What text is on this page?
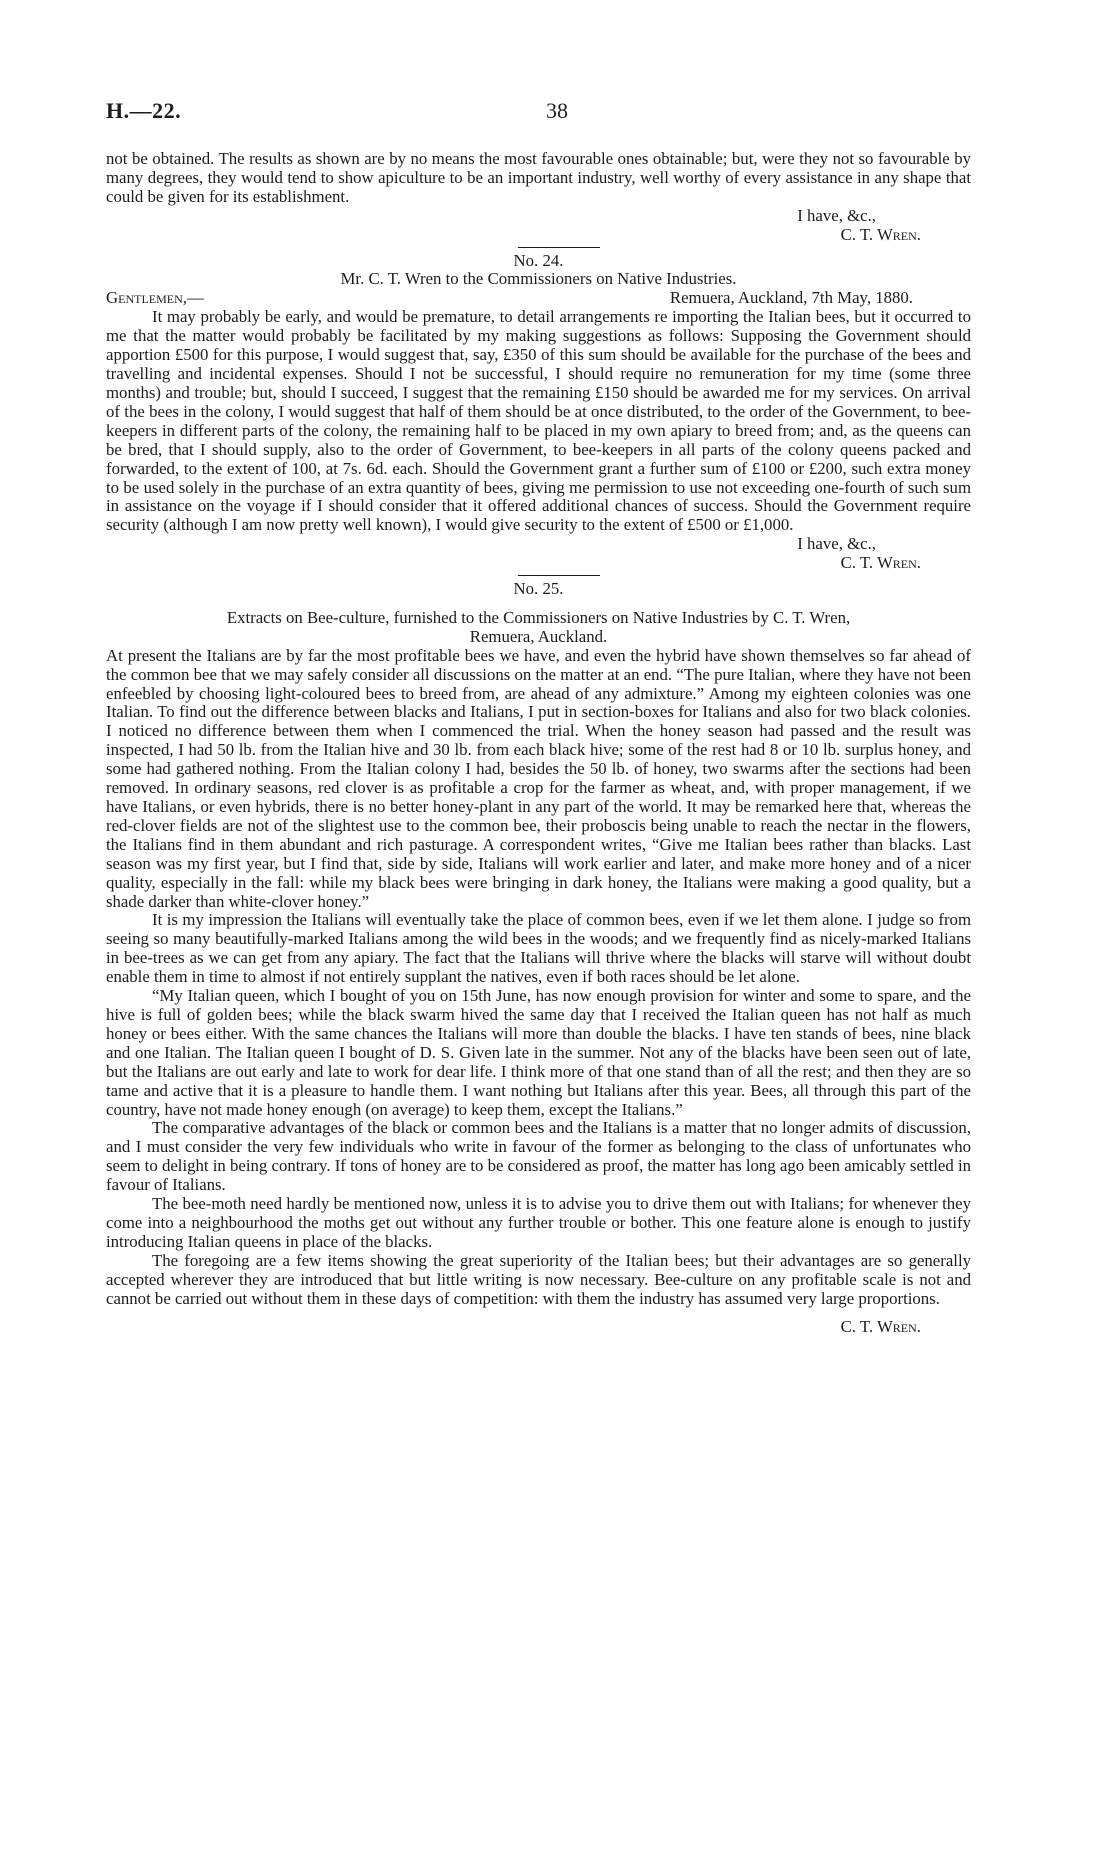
H.—22.	38

not be obtained. The results as shown are by no means the most favourable ones obtainable; but, were they not so favourable by many degrees, they would tend to show apiculture to be an important industry, well worthy of every assistance in any shape that could be given for its establishment.

I have, &c.,

C. T. Wren.

No. 24.

Mr. C. T. Wren to the Commissioners on Native Industries.

Gentlemen,—	Remuera, Auckland, 7th May, 1880.

It may probably be early, and would be premature, to detail arrangements re importing the Italian bees, but it occurred to me that the matter would probably be facilitated by my making suggestions as follows: Supposing the Government should apportion £500 for this purpose, I would suggest that, say, £350 of this sum should be available for the purchase of the bees and travelling and incidental expenses. Should I not be successful, I should require no remuneration for my time (some three months) and trouble; but, should I succeed, I suggest that the remaining £150 should be awarded me for my services. On arrival of the bees in the colony, I would suggest that half of them should be at once distributed, to the order of the Government, to bee-keepers in different parts of the colony, the remaining half to be placed in my own apiary to breed from; and, as the queens can be bred, that I should supply, also to the order of Government, to bee-keepers in all parts of the colony queens packed and forwarded, to the extent of 100, at 7s. 6d. each. Should the Government grant a further sum of £100 or £200, such extra money to be used solely in the purchase of an extra quantity of bees, giving me permission to use not exceeding one-fourth of such sum in assistance on the voyage if I should consider that it offered additional chances of success. Should the Government require security (although I am now pretty well known), I would give security to the extent of £500 or £1,000.

I have, &c.,

C. T. Wren.

No. 25.

Extracts on Bee-culture, furnished to the Commissioners on Native Industries by C. T. Wren,

Remuera, Auckland.

At present the Italians are by far the most profitable bees we have, and even the hybrid have shown themselves so far ahead of the common bee that we may safely consider all discussions on the matter at an end. “The pure Italian, where they have not been enfeebled by choosing light-coloured bees to breed from, are ahead of any admixture.” Among my eighteen colonies was one Italian. To find out the difference between blacks and Italians, I put in section-boxes for Italians and also for two black colonies. I noticed no difference between them when I commenced the trial. When the honey season had passed and the result was inspected, I had 50 lb. from the Italian hive and 30 lb. from each black hive; some of the rest had 8 or 10 lb. surplus honey, and some had gathered nothing. From the Italian colony I had, besides the 50 lb. of honey, two swarms after the sections had been removed. In ordinary seasons, red clover is as profitable a crop for the farmer as wheat, and, with proper management, if we have Italians, or even hybrids, there is no better honey-plant in any part of the world. It may be remarked here that, whereas the red-clover fields are not of the slightest use to the common bee, their proboscis being unable to reach the nectar in the flowers, the Italians find in them abundant and rich pasturage. A correspondent writes, “Give me Italian bees rather than blacks. Last season was my first year, but I find that, side by side, Italians will work earlier and later, and make more honey and of a nicer quality, especially in the fall: while my black bees were bringing in dark honey, the Italians were making a good quality, but a shade darker than white-clover honey.”

It is my impression the Italians will eventually take the place of common bees, even if we let them alone. I judge so from seeing so many beautifully-marked Italians among the wild bees in the woods; and we frequently find as nicely-marked Italians in bee-trees as we can get from any apiary. The fact that the Italians will thrive where the blacks will starve will without doubt enable them in time to almost if not entirely supplant the natives, even if both races should be let alone.

“My Italian queen, which I bought of you on 15th June, has now enough provision for winter and some to spare, and the hive is full of golden bees; while the black swarm hived the same day that I received the Italian queen has not half as much honey or bees either. With the same chances the Italians will more than double the blacks. I have ten stands of bees, nine black and one Italian. The Italian queen I bought of D. S. Given late in the summer. Not any of the blacks have been seen out of late, but the Italians are out early and late to work for dear life. I think more of that one stand than of all the rest; and then they are so tame and active that it is a pleasure to handle them. I want nothing but Italians after this year. Bees, all through this part of the country, have not made honey enough (on average) to keep them, except the Italians.”

The comparative advantages of the black or common bees and the Italians is a matter that no longer admits of discussion, and I must consider the very few individuals who write in favour of the former as belonging to the class of unfortunates who seem to delight in being contrary. If tons of honey are to be considered as proof, the matter has long ago been amicably settled in favour of Italians.

The bee-moth need hardly be mentioned now, unless it is to advise you to drive them out with Italians; for whenever they come into a neighbourhood the moths get out without any further trouble or bother. This one feature alone is enough to justify introducing Italian queens in place of the blacks.

The foregoing are a few items showing the great superiority of the Italian bees; but their advantages are so generally accepted wherever they are introduced that but little writing is now necessary. Bee-culture on any profitable scale is not and cannot be carried out without them in these days of competition: with them the industry has assumed very large proportions.

C. T. Wren.
